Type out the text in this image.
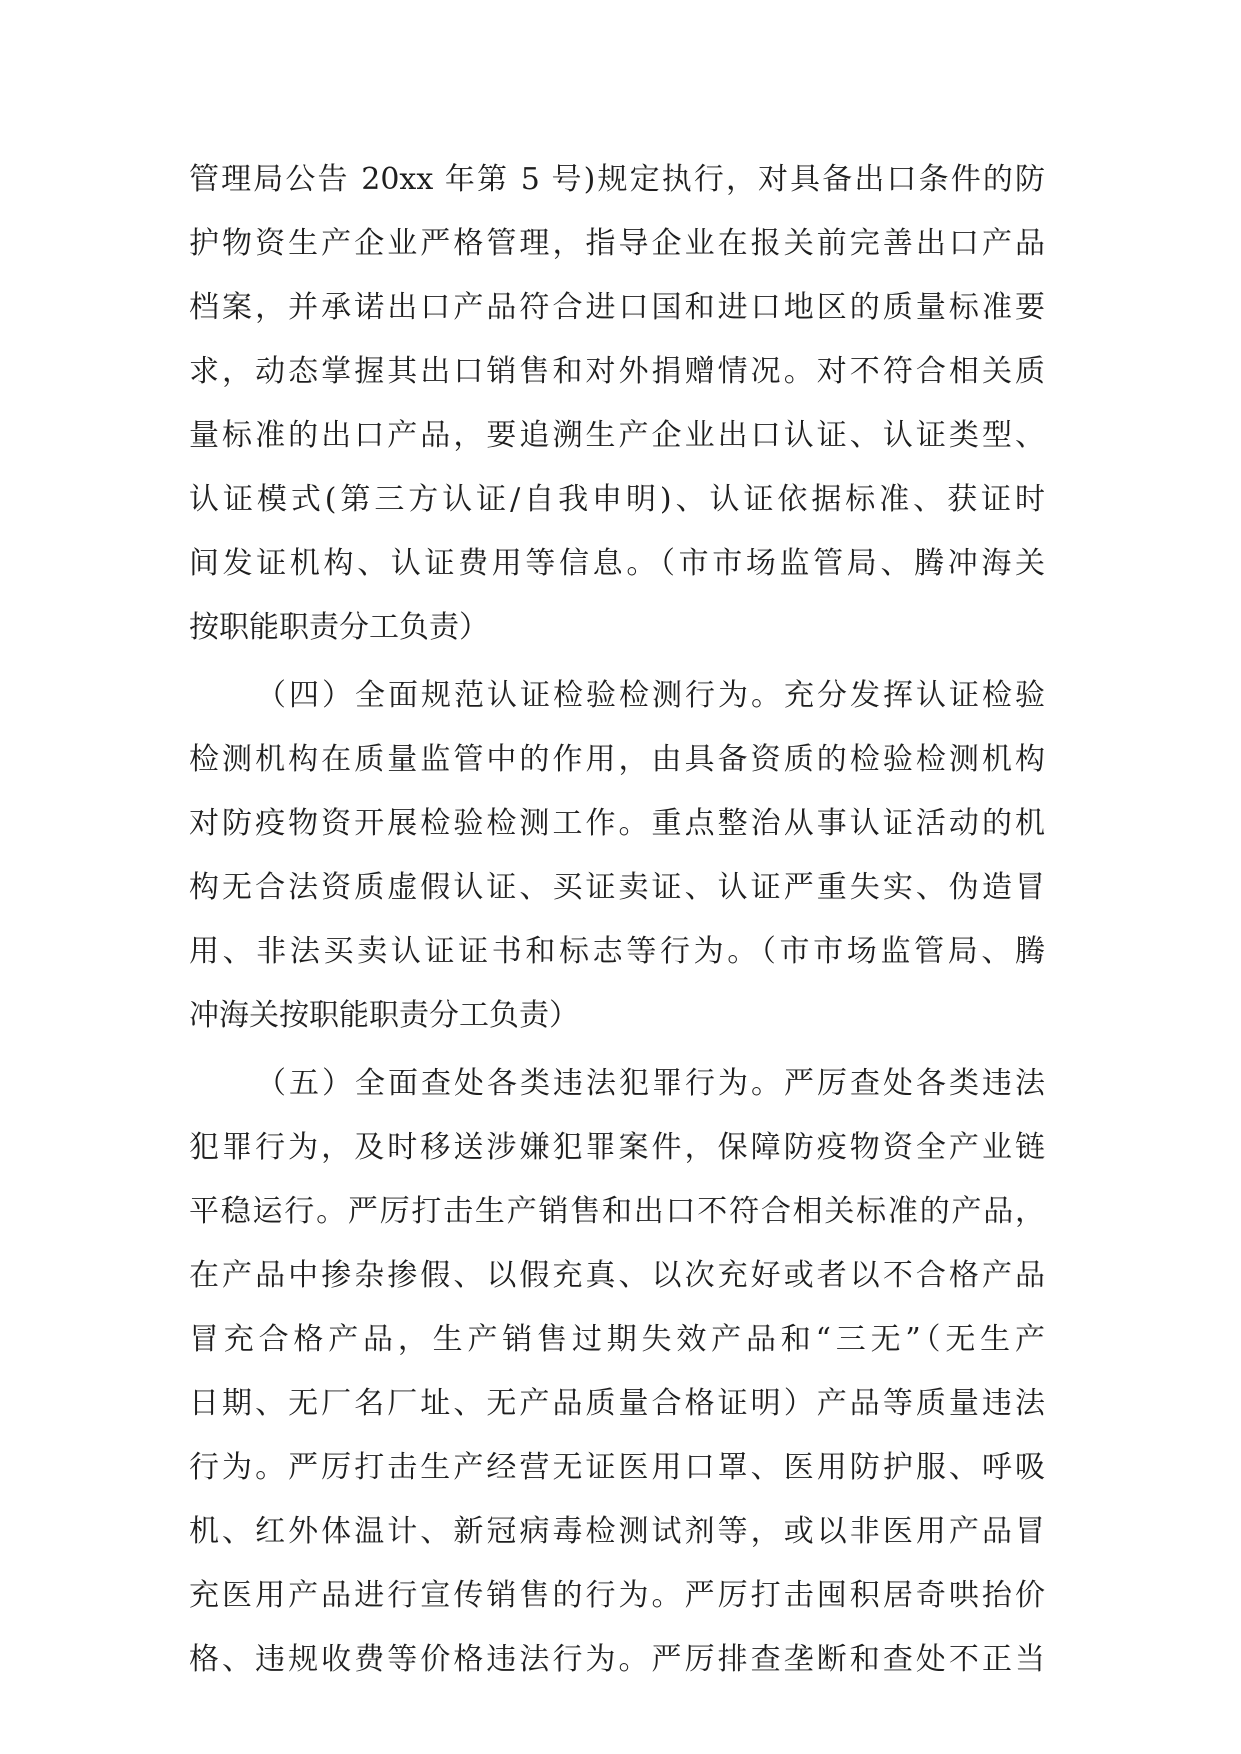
管理局公告 20xx 年第 5 号)规定执行，对具备出口条件的防
护物资生产企业严格管理，指导企业在报关前完善出口产品
档案，并承诺出口产品符合进口国和进口地区的质量标准要
求，动态掌握其出口销售和对外捐赠情况。对不符合相关质
量标准的出口产品，要追溯生产企业出口认证、认证类型、
认证模式(第三方认证/自我申明)、认证依据标准、获证时
间发证机构、认证费用等信息。（市市场监管局、腾冲海关
按职能职责分工负责）
（四）全面规范认证检验检测行为。充分发挥认证检验
检测机构在质量监管中的作用，由具备资质的检验检测机构
对防疫物资开展检验检测工作。重点整治从事认证活动的机
构无合法资质虚假认证、买证卖证、认证严重失实、伪造冒
用、非法买卖认证证书和标志等行为。（市市场监管局、腾
冲海关按职能职责分工负责）
（五）全面查处各类违法犯罪行为。严厉查处各类违法
犯罪行为，及时移送涉嫌犯罪案件，保障防疫物资全产业链
平稳运行。严厉打击生产销售和出口不符合相关标准的产品，
在产品中掺杂掺假、以假充真、以次充好或者以不合格产品
冒充合格产品，生产销售过期失效产品和“三无”（无生产
日期、无厂名厂址、无产品质量合格证明）产品等质量违法
行为。严厉打击生产经营无证医用口罩、医用防护服、呼吸
机、红外体温计、新冠病毒检测试剂等，或以非医用产品冒
充医用产品进行宣传销售的行为。严厉打击囤积居奇哄抬价
格、违规收费等价格违法行为。严厉排查垄断和查处不正当
